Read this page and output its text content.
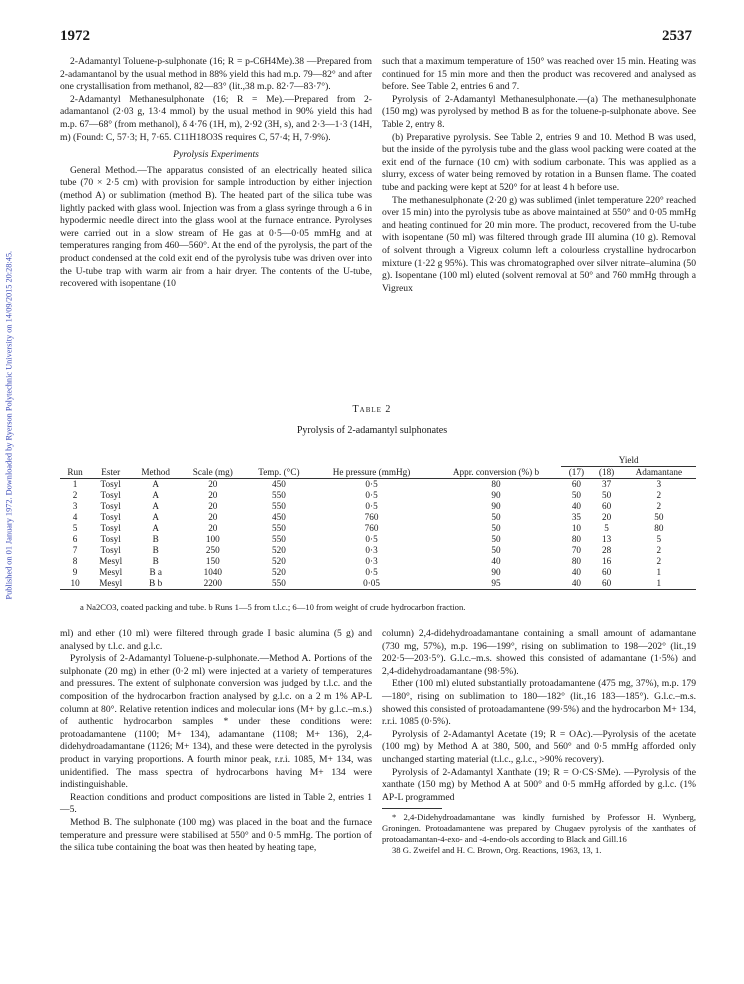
1972	2537
Published on 01 January 1972. Downloaded by Ryerson Polytechnic University on 14/09/2015 20:28:45.

2-Adamantyl Toluene-p-sulphonate (16; R = p-C6H4Me).38 —Prepared from 2-adamantanol by the usual method in 88% yield this had m.p. 79—82° and after one crystallisation from methanol, 82—83° (lit.,38 m.p. 82·7—83·7°).

2-Adamantyl Methanesulphonate (16; R = Me).—Prepared from 2-adamantanol (2·03 g, 13·4 mmol) by the usual method in 90% yield this had m.p. 67—68° (from methanol), δ 4·76 (1H, m), 2·92 (3H, s), and 2·3—1·3 (14H, m) (Found: C, 57·3; H, 7·65. C11H18O3S requires C, 57·4; H, 7·9%).

Pyrolysis Experiments

General Method.—The apparatus consisted of an electrically heated silica tube (70 × 2·5 cm) with provision for sample introduction by either injection (method A) or sublimation (method B). The heated part of the silica tube was lightly packed with glass wool. Injection was from a glass syringe through a 6 in hypodermic needle direct into the glass wool at the furnace entrance. Pyrolyses were carried out in a slow stream of He gas at 0·5—0·05 mmHg and at temperatures ranging from 460—560°. At the end of the pyrolysis, the part of the product condensed at the cold exit end of the pyrolysis tube was driven over into the U-tube trap with warm air from a hair dryer. The contents of the U-tube, recovered with isopentane (10

such that a maximum temperature of 150° was reached over 15 min. Heating was continued for 15 min more and then the product was recovered and analysed as before. See Table 2, entries 6 and 7.

Pyrolysis of 2-Adamantyl Methanesulphonate.—(a) The methanesulphonate (150 mg) was pyrolysed by method B as for the toluene-p-sulphonate above. See Table 2, entry 8.

(b) Preparative pyrolysis. See Table 2, entries 9 and 10. Method B was used, but the inside of the pyrolysis tube and the glass wool packing were coated at the exit end of the furnace (10 cm) with sodium carbonate. This was applied as a slurry, excess of water being removed by rotation in a Bunsen flame. The coated tube and packing were kept at 520° for at least 4 h before use.

The methanesulphonate (2·20 g) was sublimed (inlet temperature 220° reached over 15 min) into the pyrolysis tube as above maintained at 550° and 0·05 mmHg and heating continued for 20 min more. The product, recovered from the U-tube with isopentane (50 ml) was filtered through grade III alumina (10 g). Removal of solvent through a Vigreux column left a colourless crystalline hydrocarbon mixture (1·22 g 95%). This was chromatographed over silver nitrate–alumina (50 g). Isopentane (100 ml) eluted (solvent removal at 50° and 760 mmHg through a Vigreux

Table 2
Pyrolysis of 2-adamantyl sulphonates
							Yield		
Run	Ester	Method	Scale (mg)	Temp. (°C)	He pressure (mmHg)	Appr. conversion (%) b	(17)	(18)	Adamantane
1	Tosyl	A	20	450	0·5	80	60	37	3
2	Tosyl	A	20	550	0·5	90	50	50	2
3	Tosyl	A	20	550	0·5	90	40	60	2
4	Tosyl	A	20	450	760	50	35	20	50
5	Tosyl	A	20	550	760	50	10	5	80
6	Tosyl	B	100	550	0·5	50	80	13	5
7	Tosyl	B	250	520	0·3	50	70	28	2
8	Mesyl	B	150	520	0·3	40	80	16	2
9	Mesyl	B a	1040	520	0·5	90	40	60	1
10	Mesyl	B b	2200	550	0·05	95	40	60	1
a Na2CO3, coated packing and tube. b Runs 1—5 from t.l.c.; 6—10 from weight of crude hydrocarbon fraction.

ml) and ether (10 ml) were filtered through grade I basic alumina (5 g) and analysed by t.l.c. and g.l.c.

Pyrolysis of 2-Adamantyl Toluene-p-sulphonate.—Method A. Portions of the sulphonate (20 mg) in ether (0·2 ml) were injected at a variety of temperatures and pressures. The extent of sulphonate conversion was judged by t.l.c. and the composition of the hydrocarbon fraction analysed by g.l.c. on a 2 m 1% AP-L column at 80°. Relative retention indices and molecular ions (M+ by g.l.c.–m.s.) of authentic hydrocarbon samples * under these conditions were: protoadamantene (1100; M+ 134), adamantane (1108; M+ 136), 2,4-didehydroadamantane (1126; M+ 134), and these were detected in the pyrolysis product in varying proportions. A fourth minor peak, r.r.i. 1085, M+ 134, was unidentified. The mass spectra of hydrocarbons having M+ 134 were indistinguishable.

Reaction conditions and product compositions are listed in Table 2, entries 1—5.

Method B. The sulphonate (100 mg) was placed in the boat and the furnace temperature and pressure were stabilised at 550° and 0·5 mmHg. The portion of the silica tube containing the boat was then heated by heating tape,

column) 2,4-didehydroadamantane containing a small amount of adamantane (730 mg, 57%), m.p. 196—199°, rising on sublimation to 198—202° (lit.,19 202·5—203·5°). G.l.c.–m.s. showed this consisted of adamantane (1·5%) and 2,4-didehydroadamantane (98·5%).

Ether (100 ml) eluted substantially protoadamantene (475 mg, 37%), m.p. 179—180°, rising on sublimation to 180—182° (lit.,16 183—185°). G.l.c.–m.s. showed this consisted of protoadamantene (99·5%) and the hydrocarbon M+ 134, r.r.i. 1085 (0·5%).

Pyrolysis of 2-Adamantyl Acetate (19; R = OAc).—Pyrolysis of the acetate (100 mg) by Method A at 380, 500, and 560° and 0·5 mmHg afforded only unchanged starting material (t.l.c., g.l.c., >90% recovery).

Pyrolysis of 2-Adamantyl Xanthate (19; R = O·CS·SMe). —Pyrolysis of the xanthate (150 mg) by Method A at 500° and 0·5 mmHg afforded by g.l.c. (1% AP-L programmed

* 2,4-Didehydroadamantane was kindly furnished by Professor H. Wynberg, Groningen. Protoadamantene was prepared by Chugaev pyrolysis of the xanthates of protoadamantan-4-exo- and -4-endo-ols according to Black and Gill.16

38 G. Zweifel and H. C. Brown, Org. Reactions, 1963, 13, 1.
